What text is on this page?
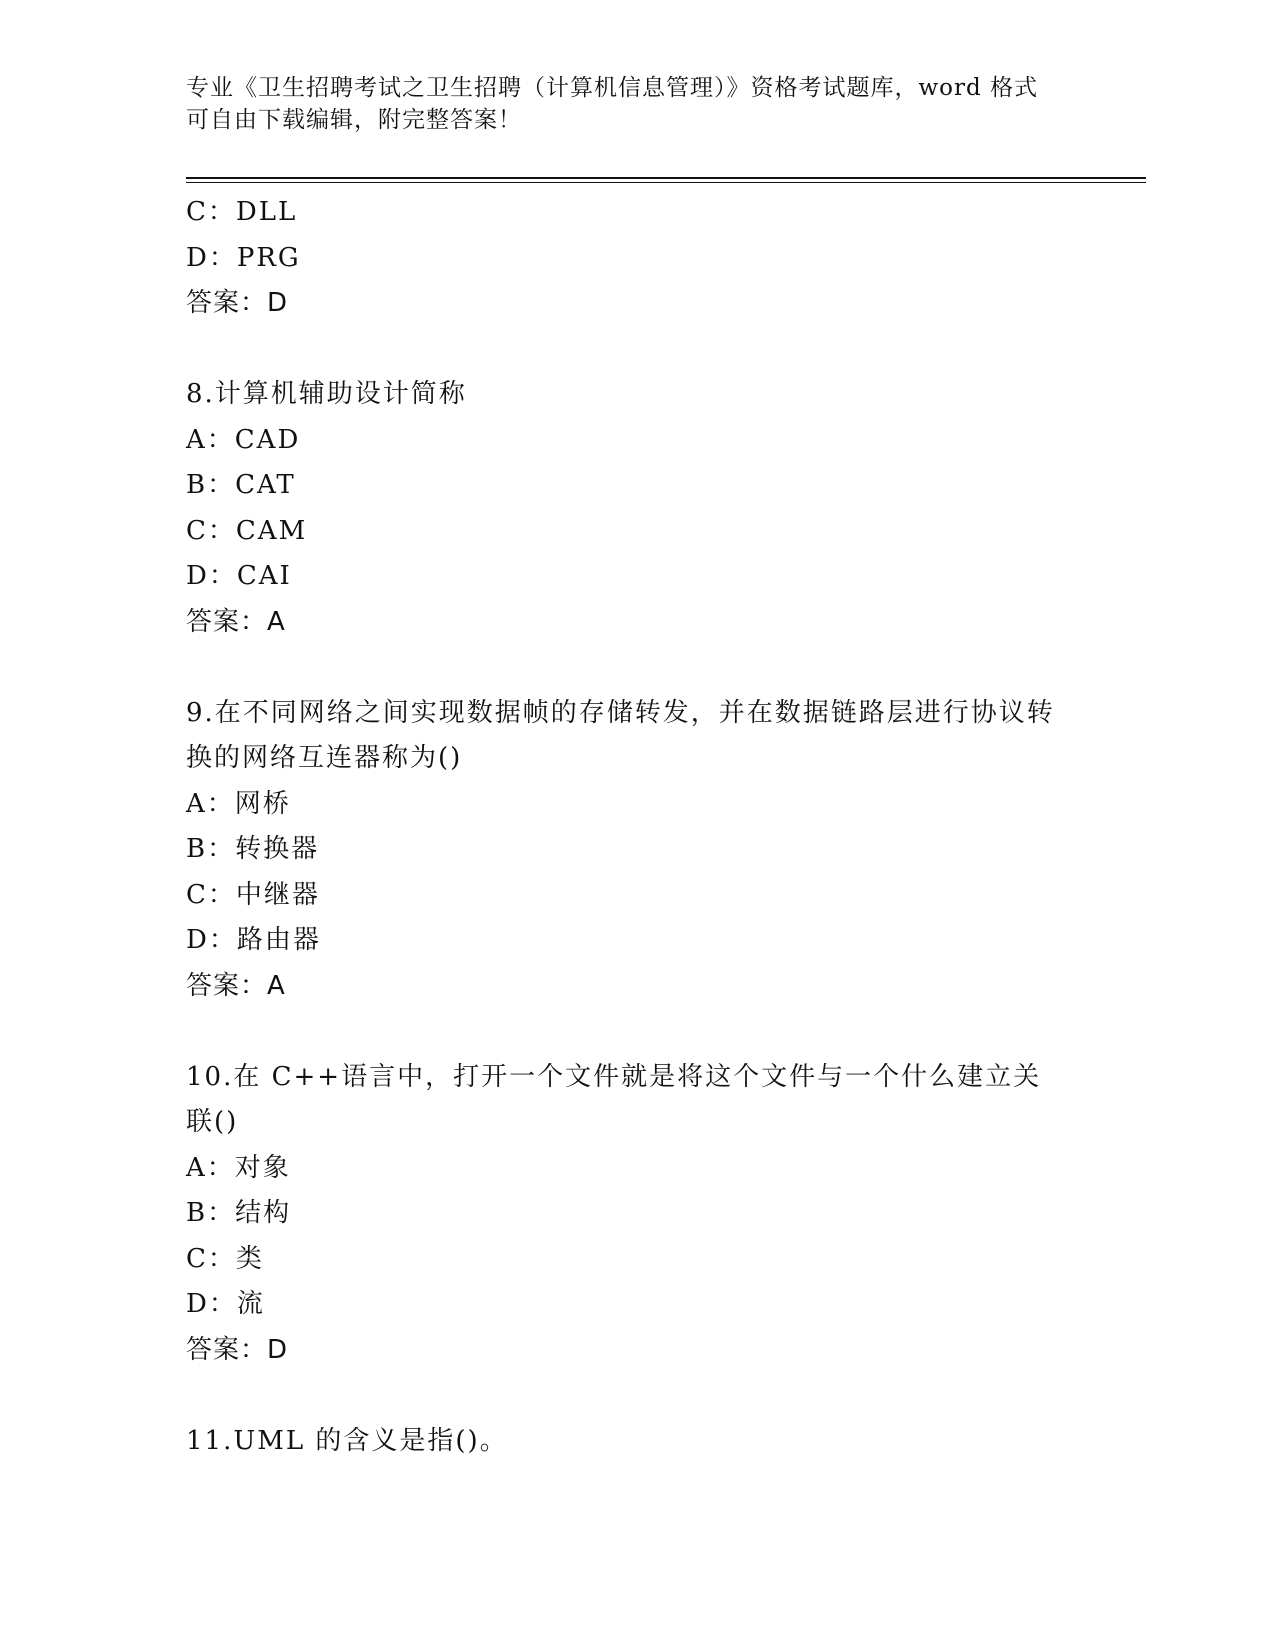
专业《卫生招聘考试之卫生招聘（计算机信息管理）》资格考试题库，word 格式可自由下载编辑，附完整答案！
C：DLL
D：PRG
答案：D
8.计算机辅助设计简称
A：CAD
B：CAT
C：CAM
D：CAI
答案：A
9.在不同网络之间实现数据帧的存储转发，并在数据链路层进行协议转换的网络互连器称为()
A：网桥
B：转换器
C：中继器
D：路由器
答案：A
10.在 C++语言中，打开一个文件就是将这个文件与一个什么建立关联()
A：对象
B：结构
C：类
D：流
答案：D
11.UML 的含义是指()。
